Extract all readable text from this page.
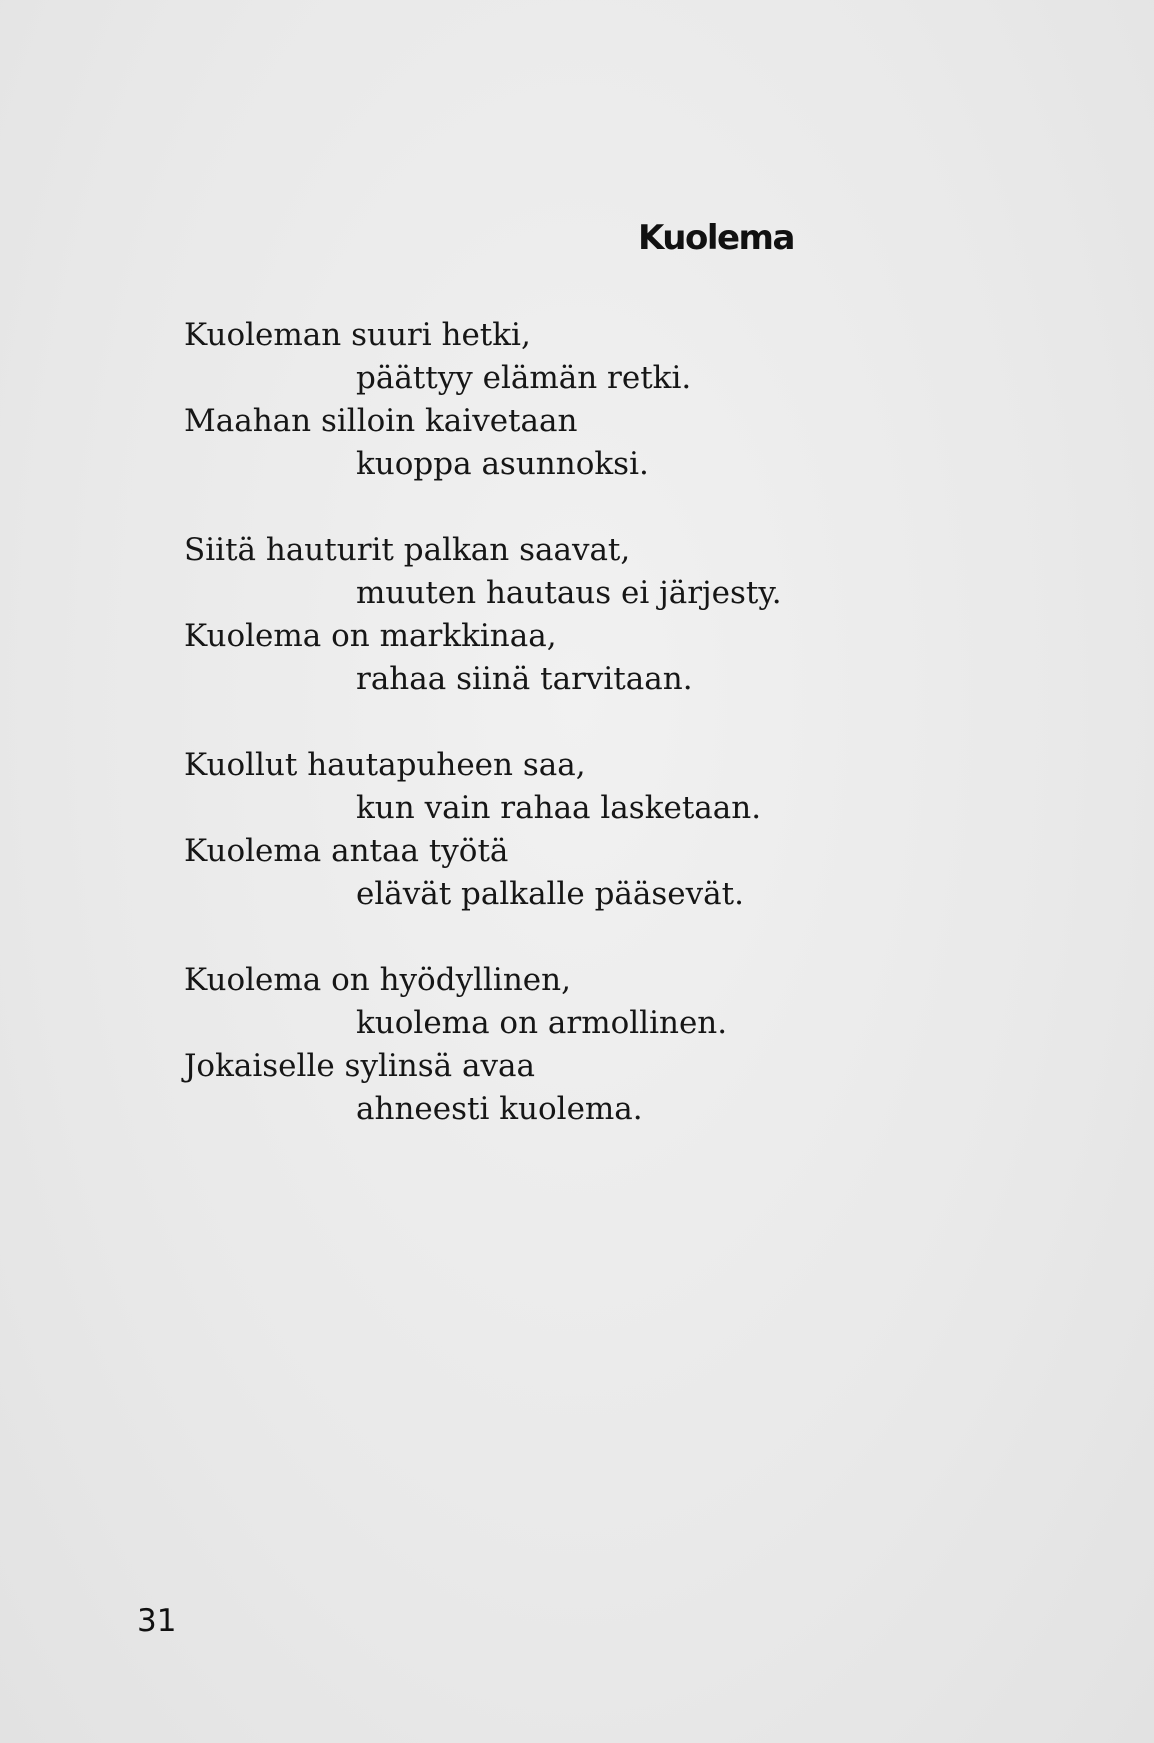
Kuolema
Kuoleman suuri hetki,
päättyy elämän retki.
Maahan silloin kaivetaan
kuoppa asunnoksi.
Siitä hauturit palkan saavat,
muuten hautaus ei järjesty.
Kuolema on markkinaa,
rahaa siinä tarvitaan.
Kuollut hautapuheen saa,
kun vain rahaa lasketaan.
Kuolema antaa työtä
elävät palkalle pääsevät.
Kuolema on hyödyllinen,
kuolema on armollinen.
Jokaiselle sylinsä avaa
ahneesti kuolema.
31
